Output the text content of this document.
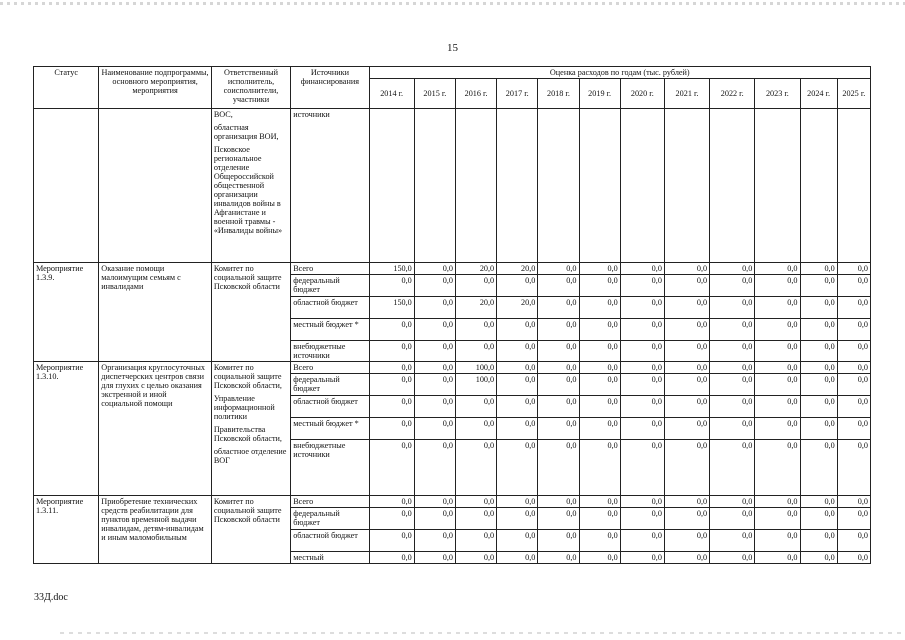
15
Статус	Наименование подпрограммы, основного мероприятия, мероприятия	Ответственный исполнитель, соисполнители, участники	Источники финансирования	Оценка расходов по годам (тыс. рублей)											
				2014 г.	2015 г.	2016 г.	2017 г.	2018 г.	2019 г.	2020 г.	2021 г.	2022 г.	2023 г.	2024 г.	2025 г.

		ВОС,

областная организация ВОИ,

Псковское региональное отделение Общероссийской общественной организации инвалидов войны в Афганистане и военной травмы - «Инвалиды войны»	источники												
Мероприятие 1.3.9.	Оказание помощи малоимущим семьям с инвалидами	Комитет по социальной защите Псковской области	Всего	150,0	0,0	20,0	20,0	0,0	0,0	0,0	0,0	0,0	0,0	0,0	0,0
			федеральный бюджет	0,0	0,0	0,0	0,0	0,0	0,0	0,0	0,0	0,0	0,0	0,0	0,0
			областной бюджет	150,0	0,0	20,0	20,0	0,0	0,0	0,0	0,0	0,0	0,0	0,0	0,0
			местный бюджет *	0,0	0,0	0,0	0,0	0,0	0,0	0,0	0,0	0,0	0,0	0,0	0,0
			внебюджетные источники	0,0	0,0	0,0	0,0	0,0	0,0	0,0	0,0	0,0	0,0	0,0	0,0
Мероприятие 1.3.10.	Организация круглосуточных диспетчерских центров связи для глухих с целью оказания экстренной и иной социальной помощи	Комитет по социальной защите Псковской области,

Управление информационной политики

Правительства Псковской области,

областное отделение ВОГ	Всего	0,0	0,0	100,0	0,0	0,0	0,0	0,0	0,0	0,0	0,0	0,0	0,0
			федеральный бюджет	0,0	0,0	100,0	0,0	0,0	0,0	0,0	0,0	0,0	0,0	0,0	0,0
			областной бюджет	0,0	0,0	0,0	0,0	0,0	0,0	0,0	0,0	0,0	0,0	0,0	0,0
			местный бюджет *	0,0	0,0	0,0	0,0	0,0	0,0	0,0	0,0	0,0	0,0	0,0	0,0
			внебюджетные источники	0,0	0,0	0,0	0,0	0,0	0,0	0,0	0,0	0,0	0,0	0,0	0,0
Мероприятие 1.3.11.	Приобретение технических средств реабилитации для пунктов временной выдачи инвалидам, детям-инвалидам и иным маломобильным	Комитет по социальной защите Псковской области	Всего	0,0	0,0	0,0	0,0	0,0	0,0	0,0	0,0	0,0	0,0	0,0	0,0
			федеральный бюджет	0,0	0,0	0,0	0,0	0,0	0,0	0,0	0,0	0,0	0,0	0,0	0,0
			областной бюджет	0,0	0,0	0,0	0,0	0,0	0,0	0,0	0,0	0,0	0,0	0,0	0,0
			местный	0,0	0,0	0,0	0,0	0,0	0,0	0,0	0,0	0,0	0,0	0,0	0,0
33Д.doc
